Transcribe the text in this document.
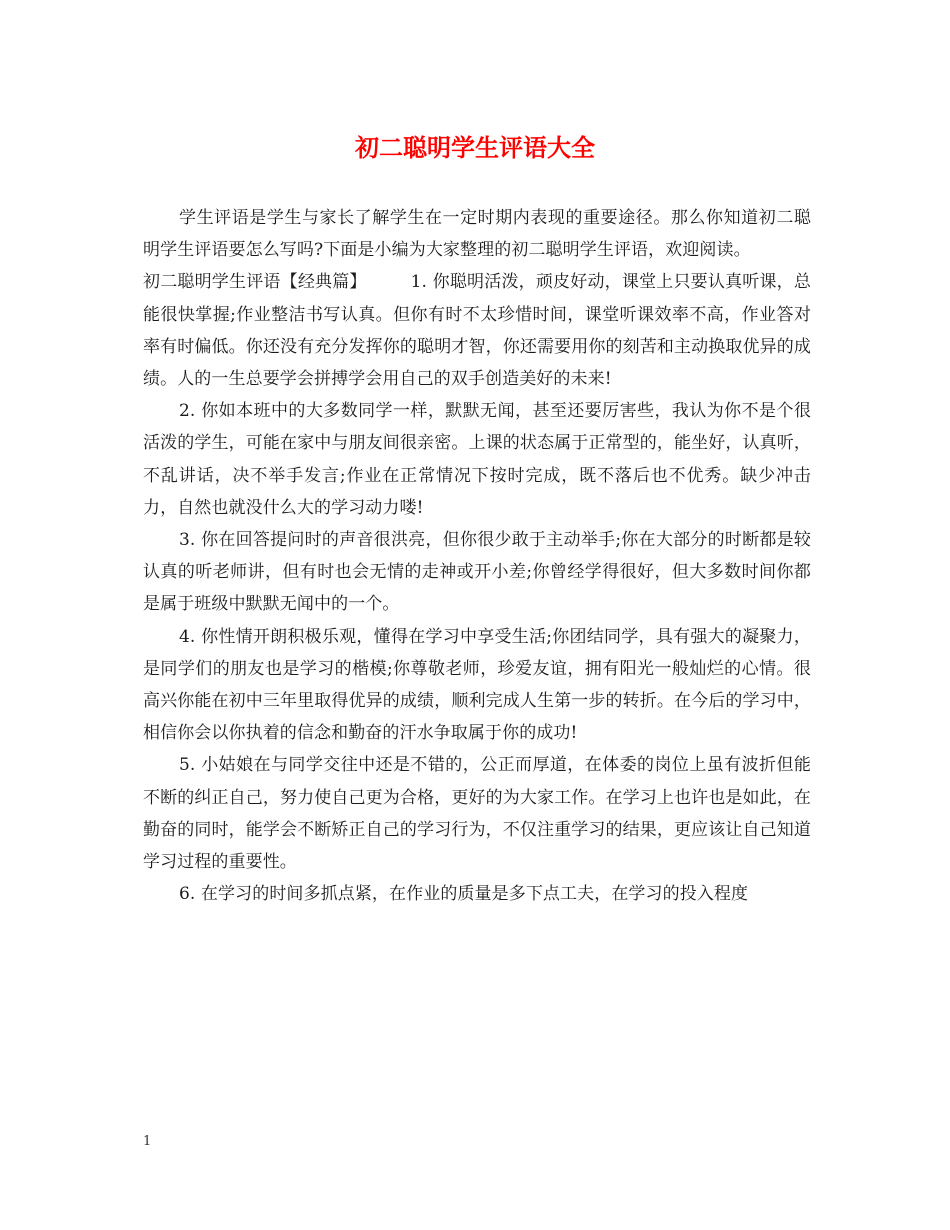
初二聪明学生评语大全

学生评语是学生与家长了解学生在一定时期内表现的重要途径。那么你知道初二聪明学生评语要怎么写吗?下面是小编为大家整理的初二聪明学生评语，欢迎阅读。

初二聪明学生评语【经典篇】	1. 你聪明活泼，顽皮好动，课堂上只要认真听课，总能很快掌握;作业整洁书写认真。但你有时不太珍惜时间，课堂听课效率不高，作业答对率有时偏低。你还没有充分发挥你的聪明才智，你还需要用你的刻苦和主动换取优异的成绩。人的一生总要学会拼搏学会用自己的双手创造美好的未来!

2. 你如本班中的大多数同学一样，默默无闻，甚至还要厉害些，我认为你不是个很活泼的学生，可能在家中与朋友间很亲密。上课的状态属于正常型的，能坐好，认真听，不乱讲话，决不举手发言;作业在正常情况下按时完成，既不落后也不优秀。缺少冲击力，自然也就没什么大的学习动力喽!

3. 你在回答提问时的声音很洪亮，但你很少敢于主动举手;你在大部分的时断都是较认真的听老师讲，但有时也会无情的走神或开小差;你曾经学得很好，但大多数时间你都是属于班级中默默无闻中的一个。

4. 你性情开朗积极乐观，懂得在学习中享受生活;你团结同学，具有强大的凝聚力，是同学们的朋友也是学习的楷模;你尊敬老师，珍爱友谊，拥有阳光一般灿烂的心情。很高兴你能在初中三年里取得优异的成绩，顺利完成人生第一步的转折。在今后的学习中，相信你会以你执着的信念和勤奋的汗水争取属于你的成功!

5. 小姑娘在与同学交往中还是不错的，公正而厚道，在体委的岗位上虽有波折但能不断的纠正自己，努力使自己更为合格，更好的为大家工作。在学习上也许也是如此，在勤奋的同时，能学会不断矫正自己的学习行为，不仅注重学习的结果，更应该让自己知道学习过程的重要性。

6. 在学习的时间多抓点紧，在作业的质量是多下点工夫，在学习的投入程度

1
